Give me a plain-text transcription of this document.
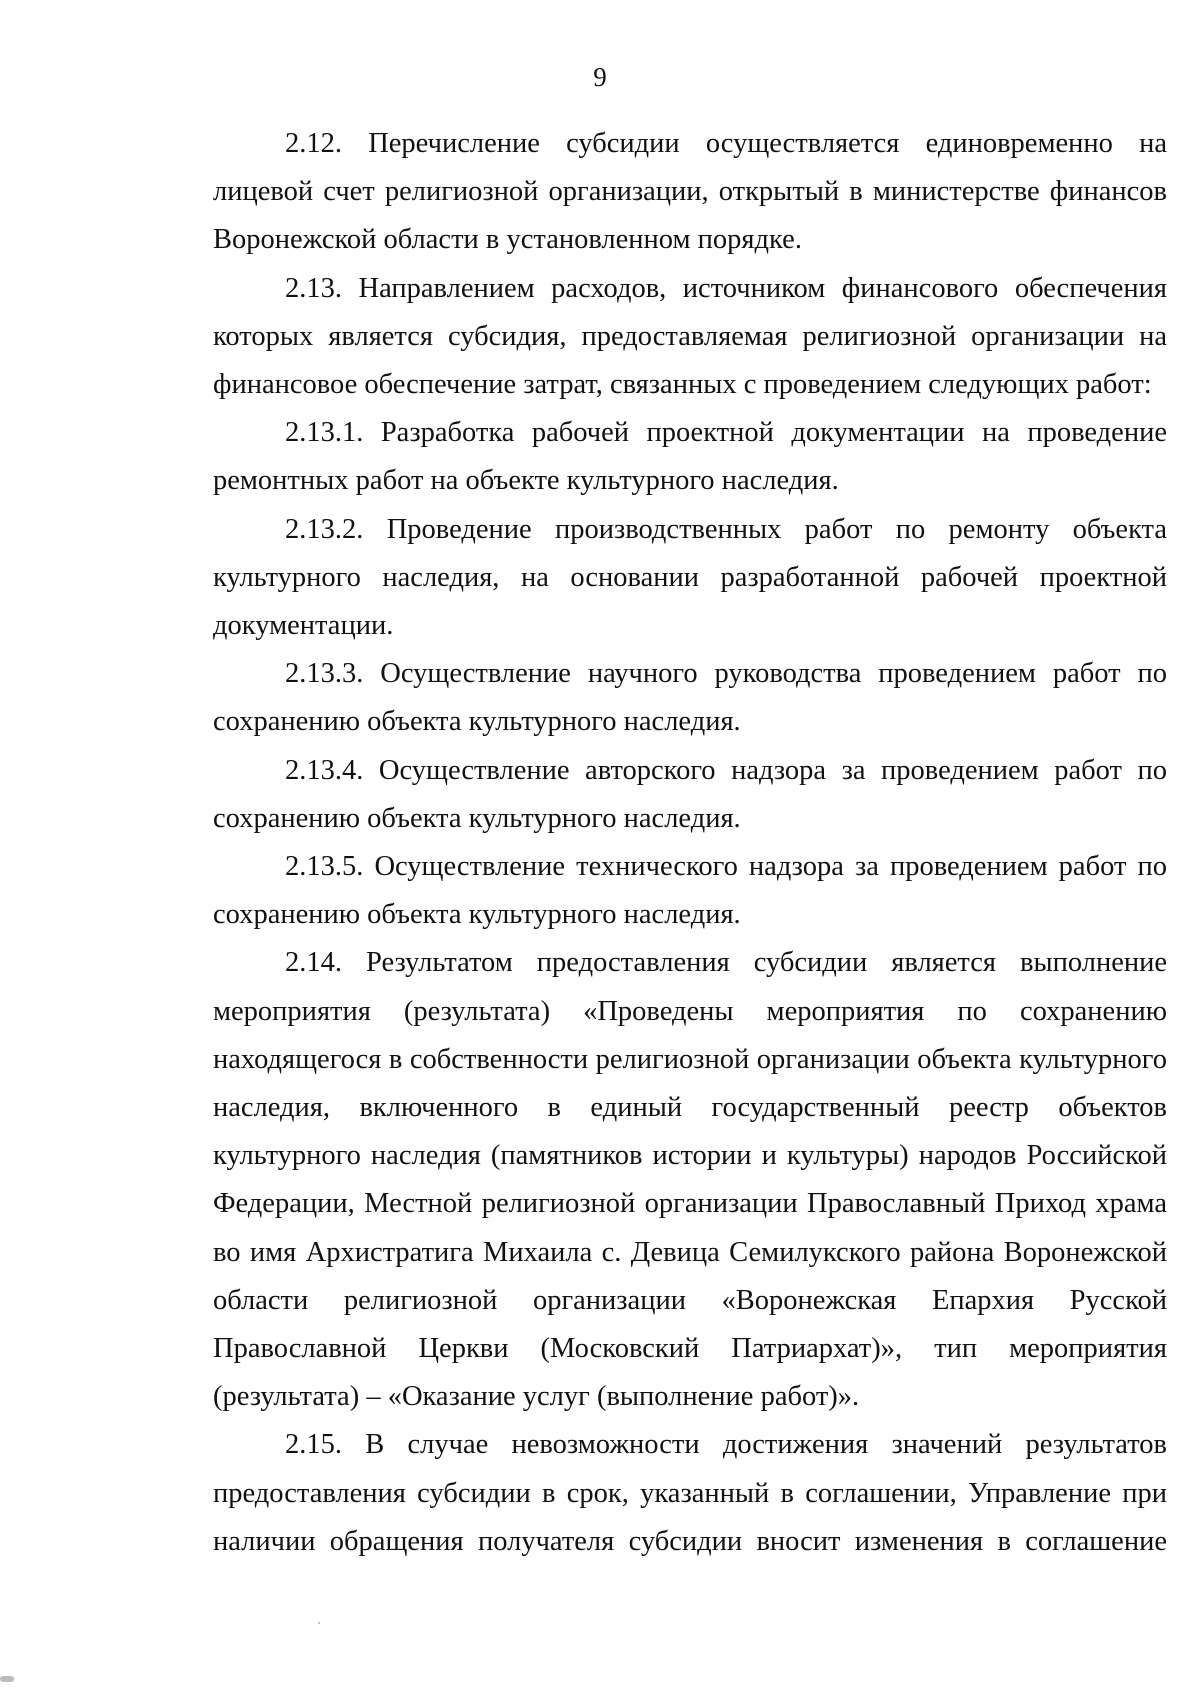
9

2.12. Перечисление субсидии осуществляется единовременно на лицевой счет религиозной организации, открытый в министерстве финансов Воронежской области в установленном порядке.

2.13. Направлением расходов, источником финансового обеспечения которых является субсидия, предоставляемая религиозной организации на финансовое обеспечение затрат, связанных с проведением следующих работ:

2.13.1. Разработка рабочей проектной документации на проведение ремонтных работ на объекте культурного наследия.

2.13.2. Проведение производственных работ по ремонту объекта культурного наследия, на основании разработанной рабочей проектной документации.

2.13.3. Осуществление научного руководства проведением работ по сохранению объекта культурного наследия.

2.13.4. Осуществление авторского надзора за проведением работ по сохранению объекта культурного наследия.

2.13.5. Осуществление технического надзора за проведением работ по сохранению объекта культурного наследия.

2.14. Результатом предоставления субсидии является выполнение мероприятия (результата) «Проведены мероприятия по сохранению находящегося в собственности религиозной организации объекта культурного наследия, включенного в единый государственный реестр объектов культурного наследия (памятников истории и культуры) народов Российской Федерации, Местной религиозной организации Православный Приход храма во имя Архистратига Михаила с. Девица Семилукского района Воронежской области религиозной организации «Воронежская Епархия Русской Православной Церкви (Московский Патриархат)», тип мероприятия (результата) – «Оказание услуг (выполнение работ)».

2.15. В случае невозможности достижения значений результатов предоставления субсидии в срок, указанный в соглашении, Управление при наличии обращения получателя субсидии вносит изменения в соглашение
